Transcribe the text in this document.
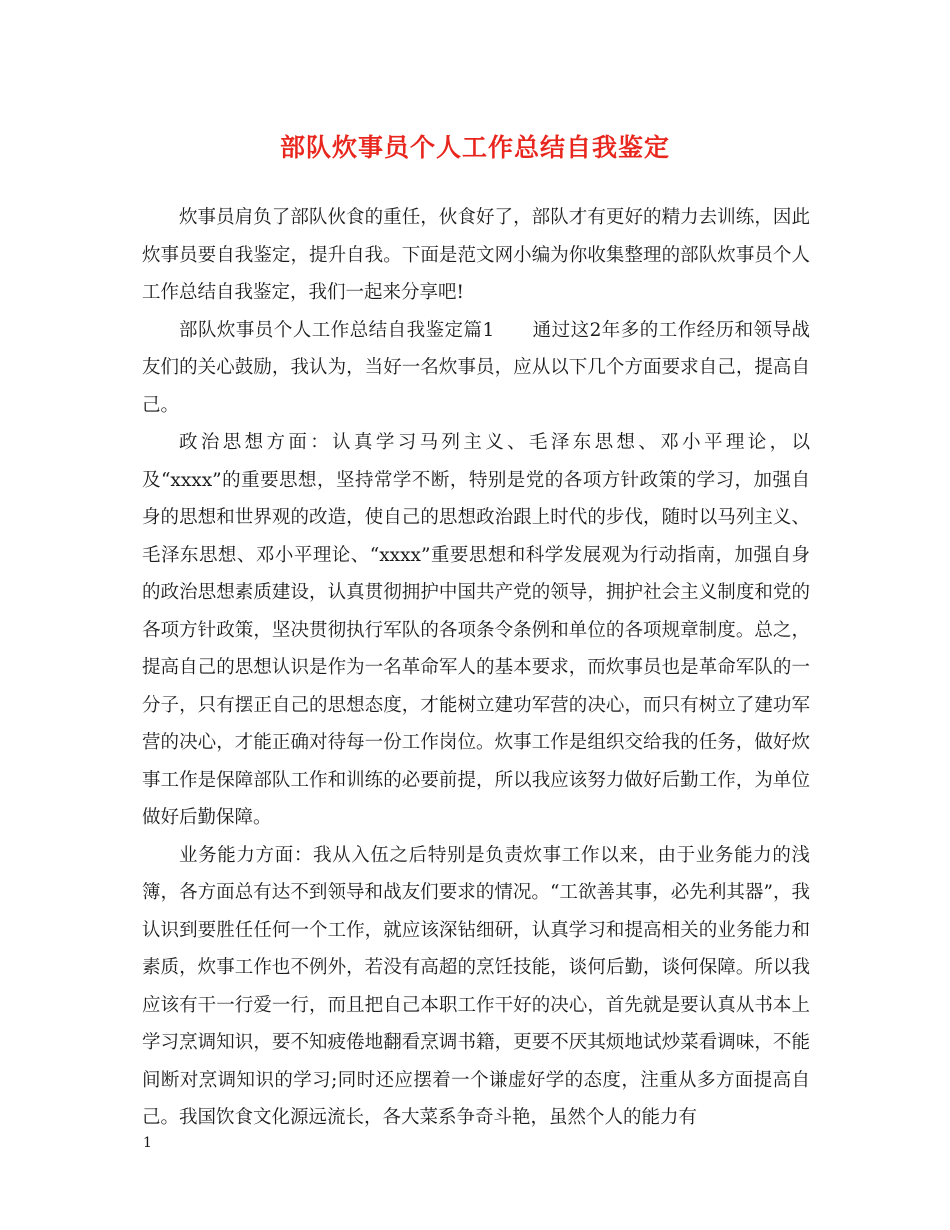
部队炊事员个人工作总结自我鉴定

炊事员肩负了部队伙食的重任，伙食好了，部队才有更好的精力去训练，因此炊事员要自我鉴定，提升自我。下面是范文网小编为你收集整理的部队炊事员个人工作总结自我鉴定，我们一起来分享吧!

部队炊事员个人工作总结自我鉴定篇1　　通过这2年多的工作经历和领导战友们的关心鼓励，我认为，当好一名炊事员，应从以下几个方面要求自己，提高自己。

政治思想方面：认真学习马列主义、毛泽东思想、邓小平理论，以及“xxxx”的重要思想，坚持常学不断，特别是党的各项方针政策的学习，加强自身的思想和世界观的改造，使自己的思想政治跟上时代的步伐，随时以马列主义、毛泽东思想、邓小平理论、“xxxx”重要思想和科学发展观为行动指南，加强自身的政治思想素质建设，认真贯彻拥护中国共产党的领导，拥护社会主义制度和党的各项方针政策，坚决贯彻执行军队的各项条令条例和单位的各项规章制度。总之，提高自己的思想认识是作为一名革命军人的基本要求，而炊事员也是革命军队的一分子，只有摆正自己的思想态度，才能树立建功军营的决心，而只有树立了建功军营的决心，才能正确对待每一份工作岗位。炊事工作是组织交给我的任务，做好炊事工作是保障部队工作和训练的必要前提，所以我应该努力做好后勤工作，为单位做好后勤保障。

业务能力方面：我从入伍之后特别是负责炊事工作以来，由于业务能力的浅簿，各方面总有达不到领导和战友们要求的情况。“工欲善其事，必先利其器”，我认识到要胜任任何一个工作，就应该深钻细研，认真学习和提高相关的业务能力和素质，炊事工作也不例外，若没有高超的烹饪技能，谈何后勤，谈何保障。所以我应该有干一行爱一行，而且把自己本职工作干好的决心，首先就是要认真从书本上学习烹调知识，要不知疲倦地翻看烹调书籍，更要不厌其烦地试炒菜看调味，不能间断对烹调知识的学习;同时还应摆着一个谦虚好学的态度，注重从多方面提高自己。我国饮食文化源远流长，各大菜系争奇斗艳，虽然个人的能力有

1
